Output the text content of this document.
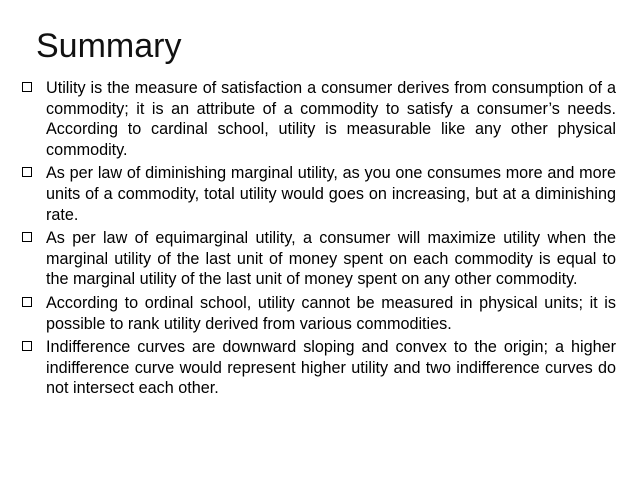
Summary
Utility is the measure of satisfaction a consumer derives from consumption of a commodity; it is an attribute of a commodity to satisfy a consumer’s needs. According to cardinal school, utility is measurable like any other physical commodity.
As per law of diminishing marginal utility, as you one consumes more and more units of a commodity, total utility would goes on increasing, but at a diminishing rate.
As per law of equimarginal utility, a consumer will maximize utility when the marginal utility of the last unit of money spent on each commodity is equal to the marginal utility of the last unit of money spent on any other commodity.
According to ordinal school, utility cannot be measured in physical units; it is possible to rank utility derived from various commodities.
Indifference curves are downward sloping and convex to the origin; a higher indifference curve would represent higher utility and two indifference curves do not intersect each other.
